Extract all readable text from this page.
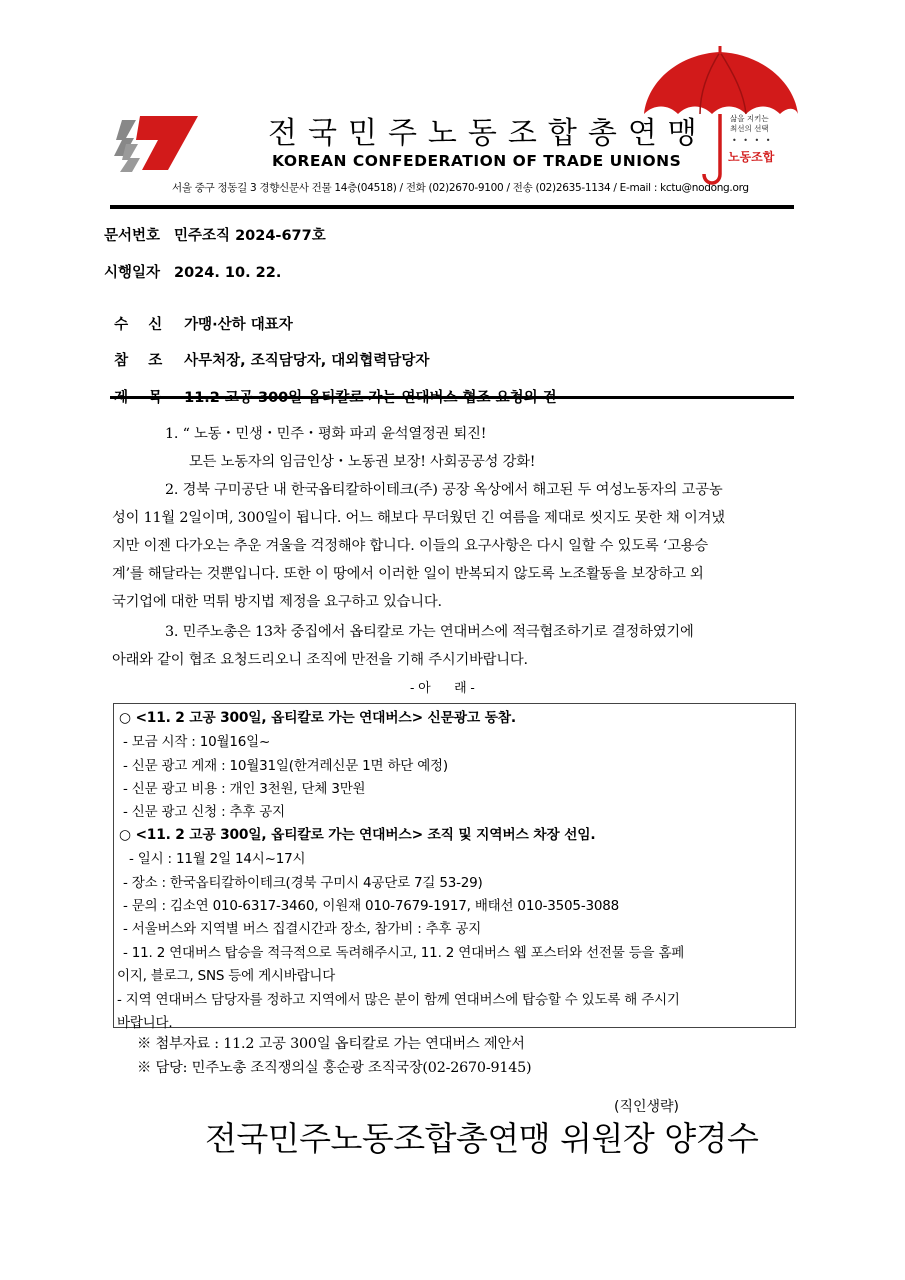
전국민주노동조합총연맹
KOREAN CONFEDERATION OF TRADE UNIONS
서울 중구 정동길 3 경향신문사 건물 14층(04518) / 전화 (02)2670-9100 / 전송 (02)2635-1134 / E-mail : kctu@nodong.org
삶을 지키는
최선의 선택
• • • •
노동조합
문서번호 민주조직 2024-677호
시행일자 2024. 10. 22.

수    신 가맹·산하 대표자

참    조 사무처장, 조직담당자, 대외협력담당자

1. “ 노동・민생・민주・평화 파괴 윤석열정권 퇴진!
모든 노동자의 임금인상・노동권 보장! 사회공공성 강화!
2. 경북 구미공단 내 한국옵티칼하이테크(주) 공장 옥상에서 해고된 두 여성노동자의 고공농
성이 11월 2일이며, 300일이 됩니다. 어느 해보다 무더웠던 긴 여름을 제대로 씻지도 못한 채 이겨냈
지만 이젠 다가오는 추운 겨울을 걱정해야 합니다. 이들의 요구사항은 다시 일할 수 있도록 ‘고용승
계’를 해달라는 것뿐입니다. 또한 이 땅에서 이러한 일이 반복되지 않도록 노조활동을 보장하고 외
국기업에 대한 먹튀 방지법 제정을 요구하고 있습니다.
3. 민주노총은 13차 중집에서 옵티칼로 가는 연대버스에 적극협조하기로 결정하였기에
아래와 같이 협조 요청드리오니 조직에 만전을 기해 주시기바랍니다.
- 아      래 -
○ <11. 2 고공 300일, 옵티칼로 가는 연대버스> 신문광고 동참.
- 모금 시작 : 10월16일~
- 신문 광고 게재 : 10월31일(한겨레신문 1면 하단 예정)
- 신문 광고 비용 : 개인 3천원, 단체 3만원
- 신문 광고 신청 : 추후 공지
○ <11. 2 고공 300일, 옵티칼로 가는 연대버스> 조직 및 지역버스 차장 선임.
- 일시 : 11월 2일 14시~17시
- 장소 : 한국옵티칼하이테크(경북 구미시 4공단로 7길 53-29)
- 문의 : 김소연 010-6317-3460, 이원재 010-7679-1917, 배태선 010-3505-3088
- 서울버스와 지역별 버스 집결시간과 장소, 참가비 : 추후 공지
- 11. 2 연대버스 탑승을 적극적으로 독려해주시고, 11. 2 연대버스 웹 포스터와 선전물 등을 홈페
이지, 블로그, SNS 등에 게시바랍니다
- 지역 연대버스 담당자를 정하고 지역에서 많은 분이 함께 연대버스에 탑승할 수 있도록 해 주시기
바랍니다.
※ 첨부자료 : 11.2 고공 300일 옵티칼로 가는 연대버스 제안서
※ 담당: 민주노총 조직쟁의실 홍순광 조직국장(02-2670-9145)
(직인생략)
전국민주노동조합총연맹 위원장 양경수
